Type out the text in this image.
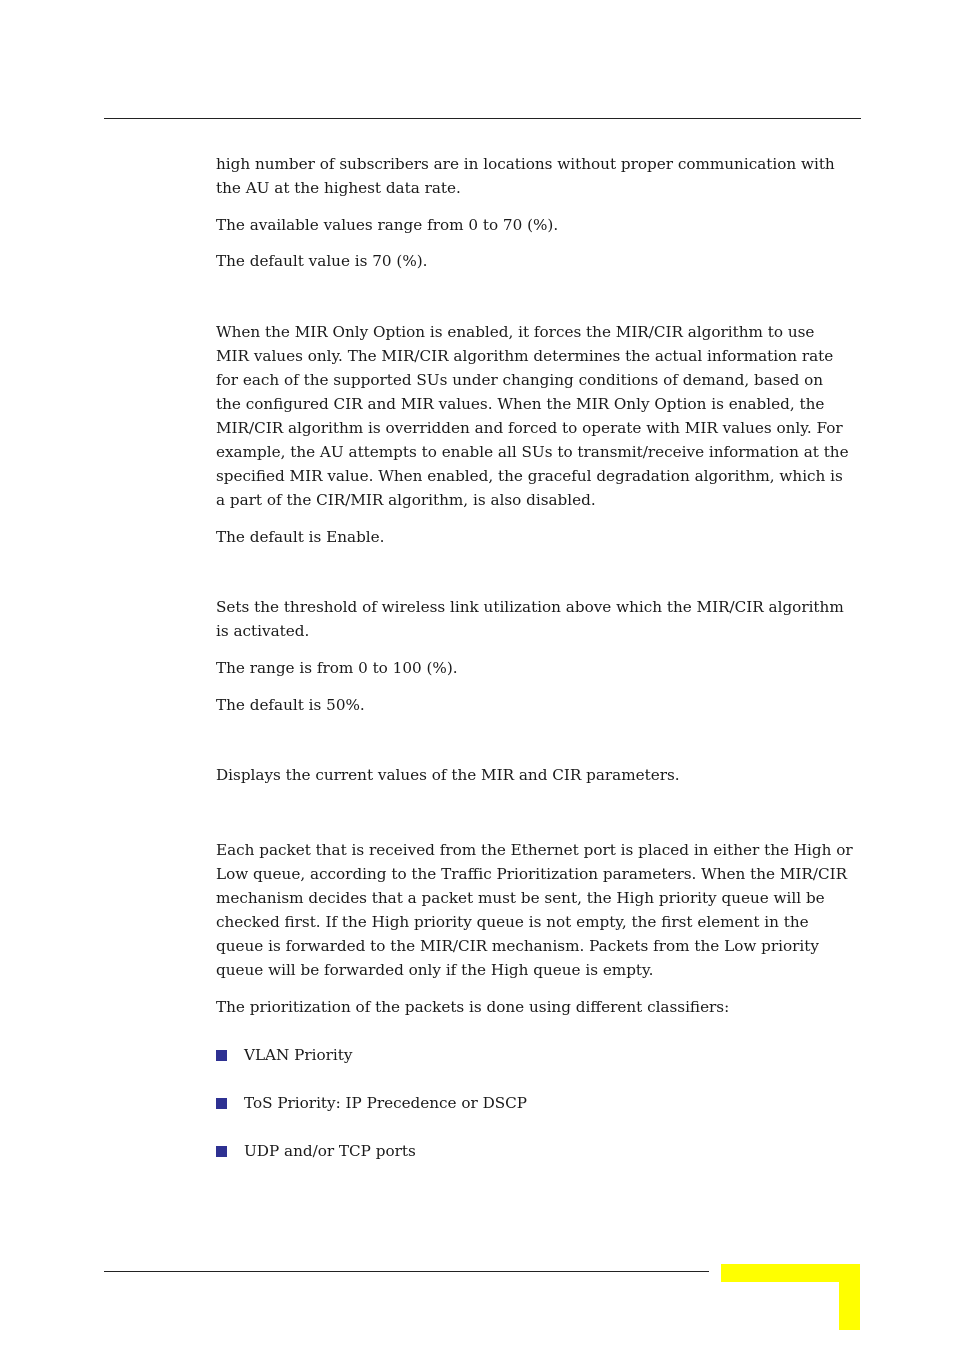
high number of subscribers are in locations without proper communication with
the AU at the highest data rate.
The available values range from 0 to 70 (%).
The default value is 70 (%).
When the MIR Only Option is enabled, it forces the MIR/CIR algorithm to use
MIR values only. The MIR/CIR algorithm determines the actual information rate
for each of the supported SUs under changing conditions of demand, based on
the configured CIR and MIR values. When the MIR Only Option is enabled, the
MIR/CIR algorithm is overridden and forced to operate with MIR values only. For
example, the AU attempts to enable all SUs to transmit/receive information at the
specified MIR value. When enabled, the graceful degradation algorithm, which is
a part of the CIR/MIR algorithm, is also disabled.
The default is Enable.
Sets the threshold of wireless link utilization above which the MIR/CIR algorithm
is activated.
The range is from 0 to 100 (%).
The default is 50%.
Displays the current values of the MIR and CIR parameters.
Each packet that is received from the Ethernet port is placed in either the High or
Low queue, according to the Traffic Prioritization parameters. When the MIR/CIR
mechanism decides that a packet must be sent, the High priority queue will be
checked first. If the High priority queue is not empty, the first element in the
queue is forwarded to the MIR/CIR mechanism. Packets from the Low priority
queue will be forwarded only if the High queue is empty.
The prioritization of the packets is done using different classifiers:
VLAN Priority
ToS Priority: IP Precedence or DSCP
UDP and/or TCP ports
